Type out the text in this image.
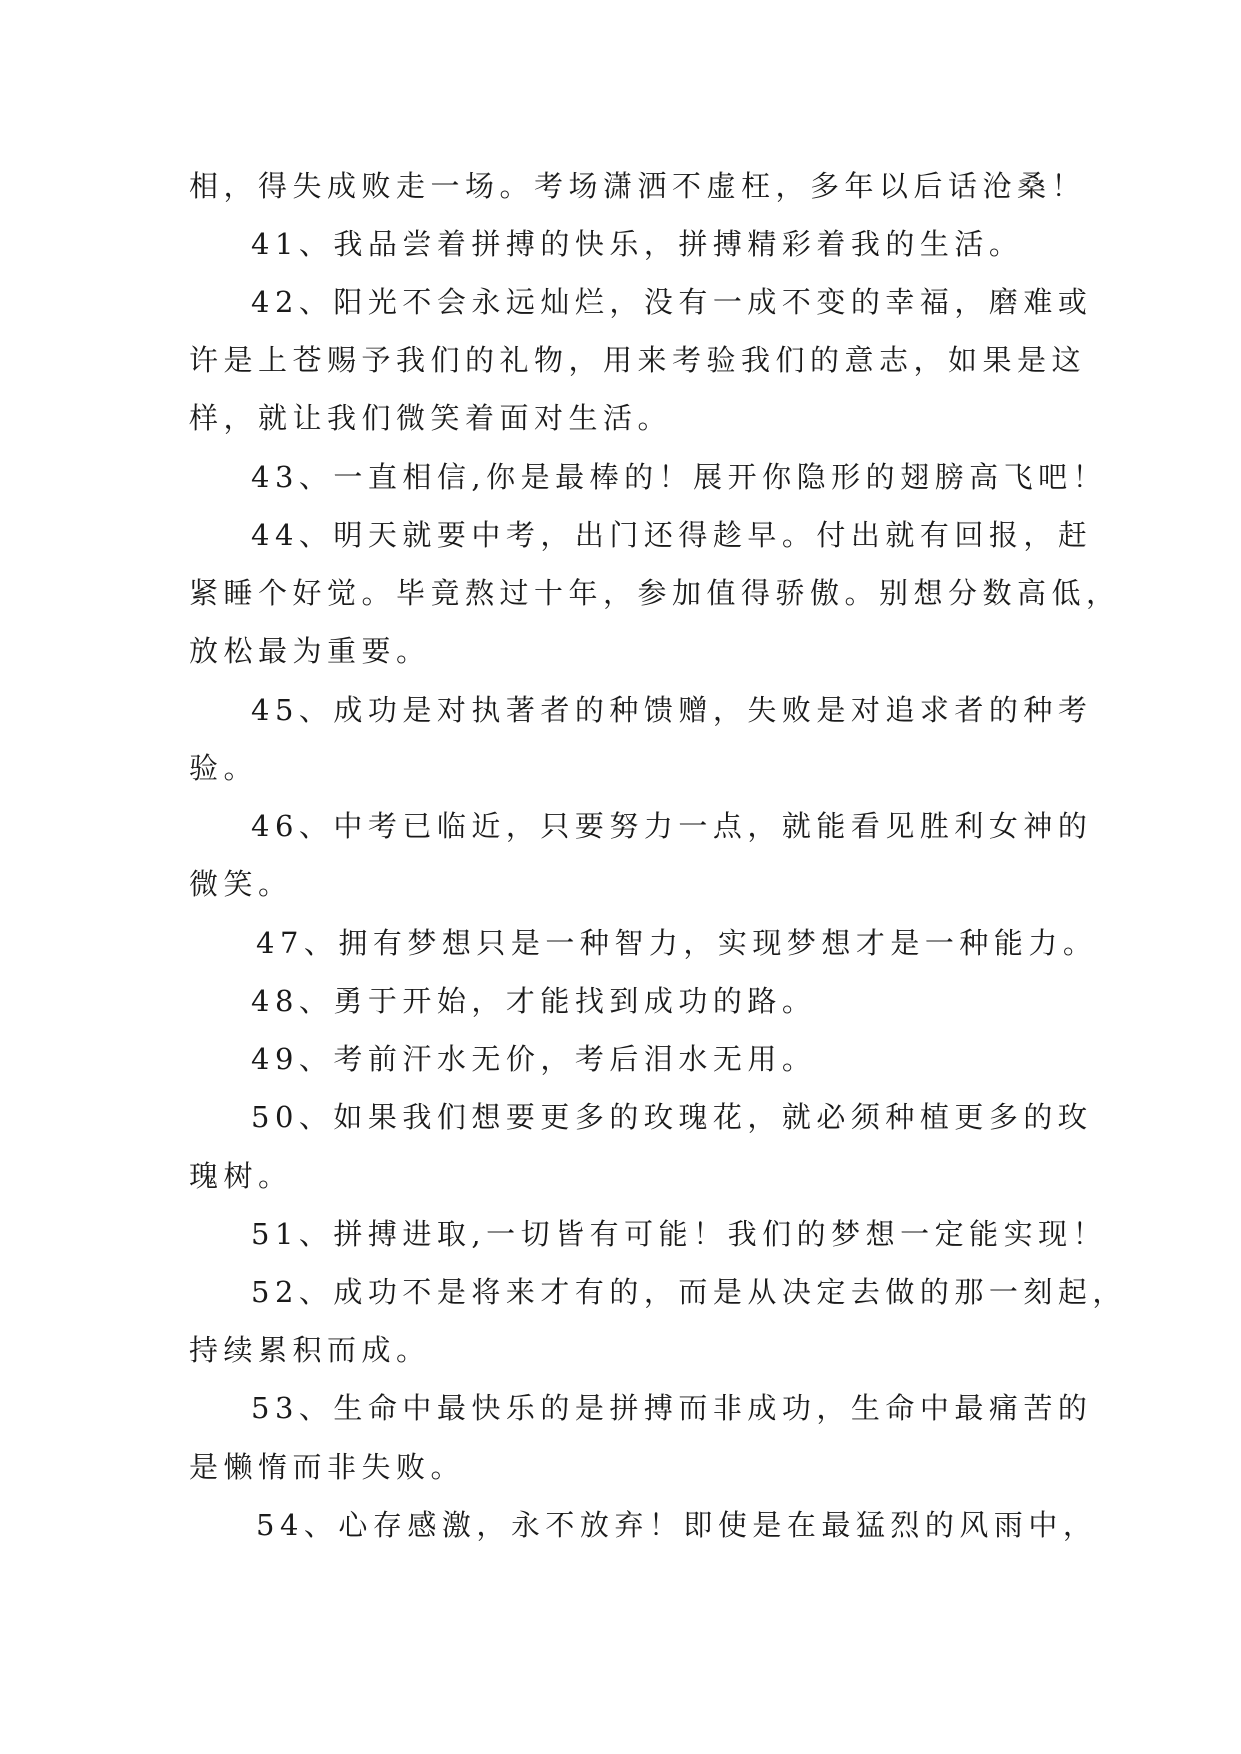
相，得失成败走一场。考场潇洒不虚枉，多年以后话沧桑！
41、我品尝着拼搏的快乐，拼搏精彩着我的生活。
42、阳光不会永远灿烂，没有一成不变的幸福，磨难或
许是上苍赐予我们的礼物，用来考验我们的意志，如果是这
样，就让我们微笑着面对生活。
43、一直相信,你是最棒的！展开你隐形的翅膀高飞吧！
44、明天就要中考，出门还得趁早。付出就有回报，赶
紧睡个好觉。毕竟熬过十年，参加值得骄傲。别想分数高低，
放松最为重要。
45、成功是对执著者的种馈赠，失败是对追求者的种考
验。
46、中考已临近，只要努力一点，就能看见胜利女神的
微笑。
47、拥有梦想只是一种智力，实现梦想才是一种能力。
48、勇于开始，才能找到成功的路。
49、考前汗水无价，考后泪水无用。
50、如果我们想要更多的玫瑰花，就必须种植更多的玫
瑰树。
51、拼搏进取,一切皆有可能！我们的梦想一定能实现！
52、成功不是将来才有的，而是从决定去做的那一刻起，
持续累积而成。
53、生命中最快乐的是拼搏而非成功，生命中最痛苦的
是懒惰而非失败。
54、心存感激，永不放弃！即使是在最猛烈的风雨中，
